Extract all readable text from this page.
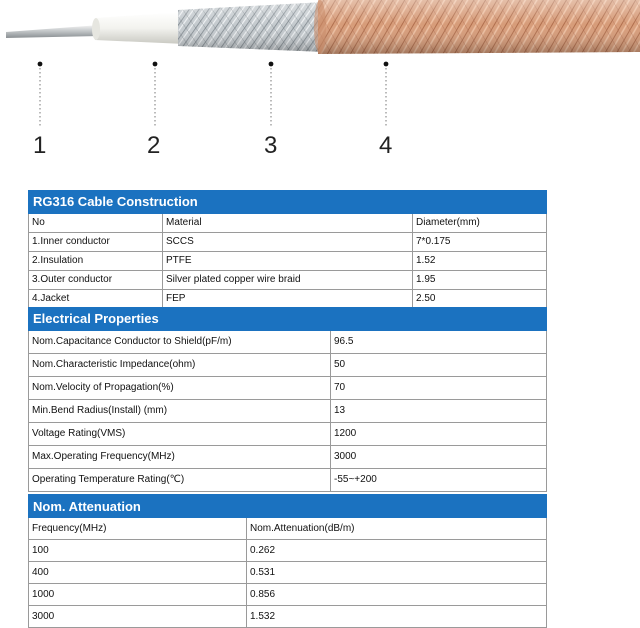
1	2	3	4
RG316 Cable Construction		
No	Material	Diameter(mm)
1.Inner conductor	SCCS	7*0.175
2.Insulation	PTFE	1.52
3.Outer conductor	Silver plated copper wire braid	1.95
4.Jacket	FEP	2.50
Electrical Properties	
Nom.Capacitance Conductor to Shield(pF/m)	96.5
Nom.Characteristic Impedance(ohm)	50
Nom.Velocity of Propagation(%)	70
Min.Bend Radius(Install) (mm)	13
Voltage Rating(VMS)	1200
Max.Operating Frequency(MHz)	3000
Operating Temperature Rating(℃)	-55~+200
Nom. Attenuation	
Frequency(MHz)	Nom.Attenuation(dB/m)
100	0.262
400	0.531
1000	0.856
3000	1.532
